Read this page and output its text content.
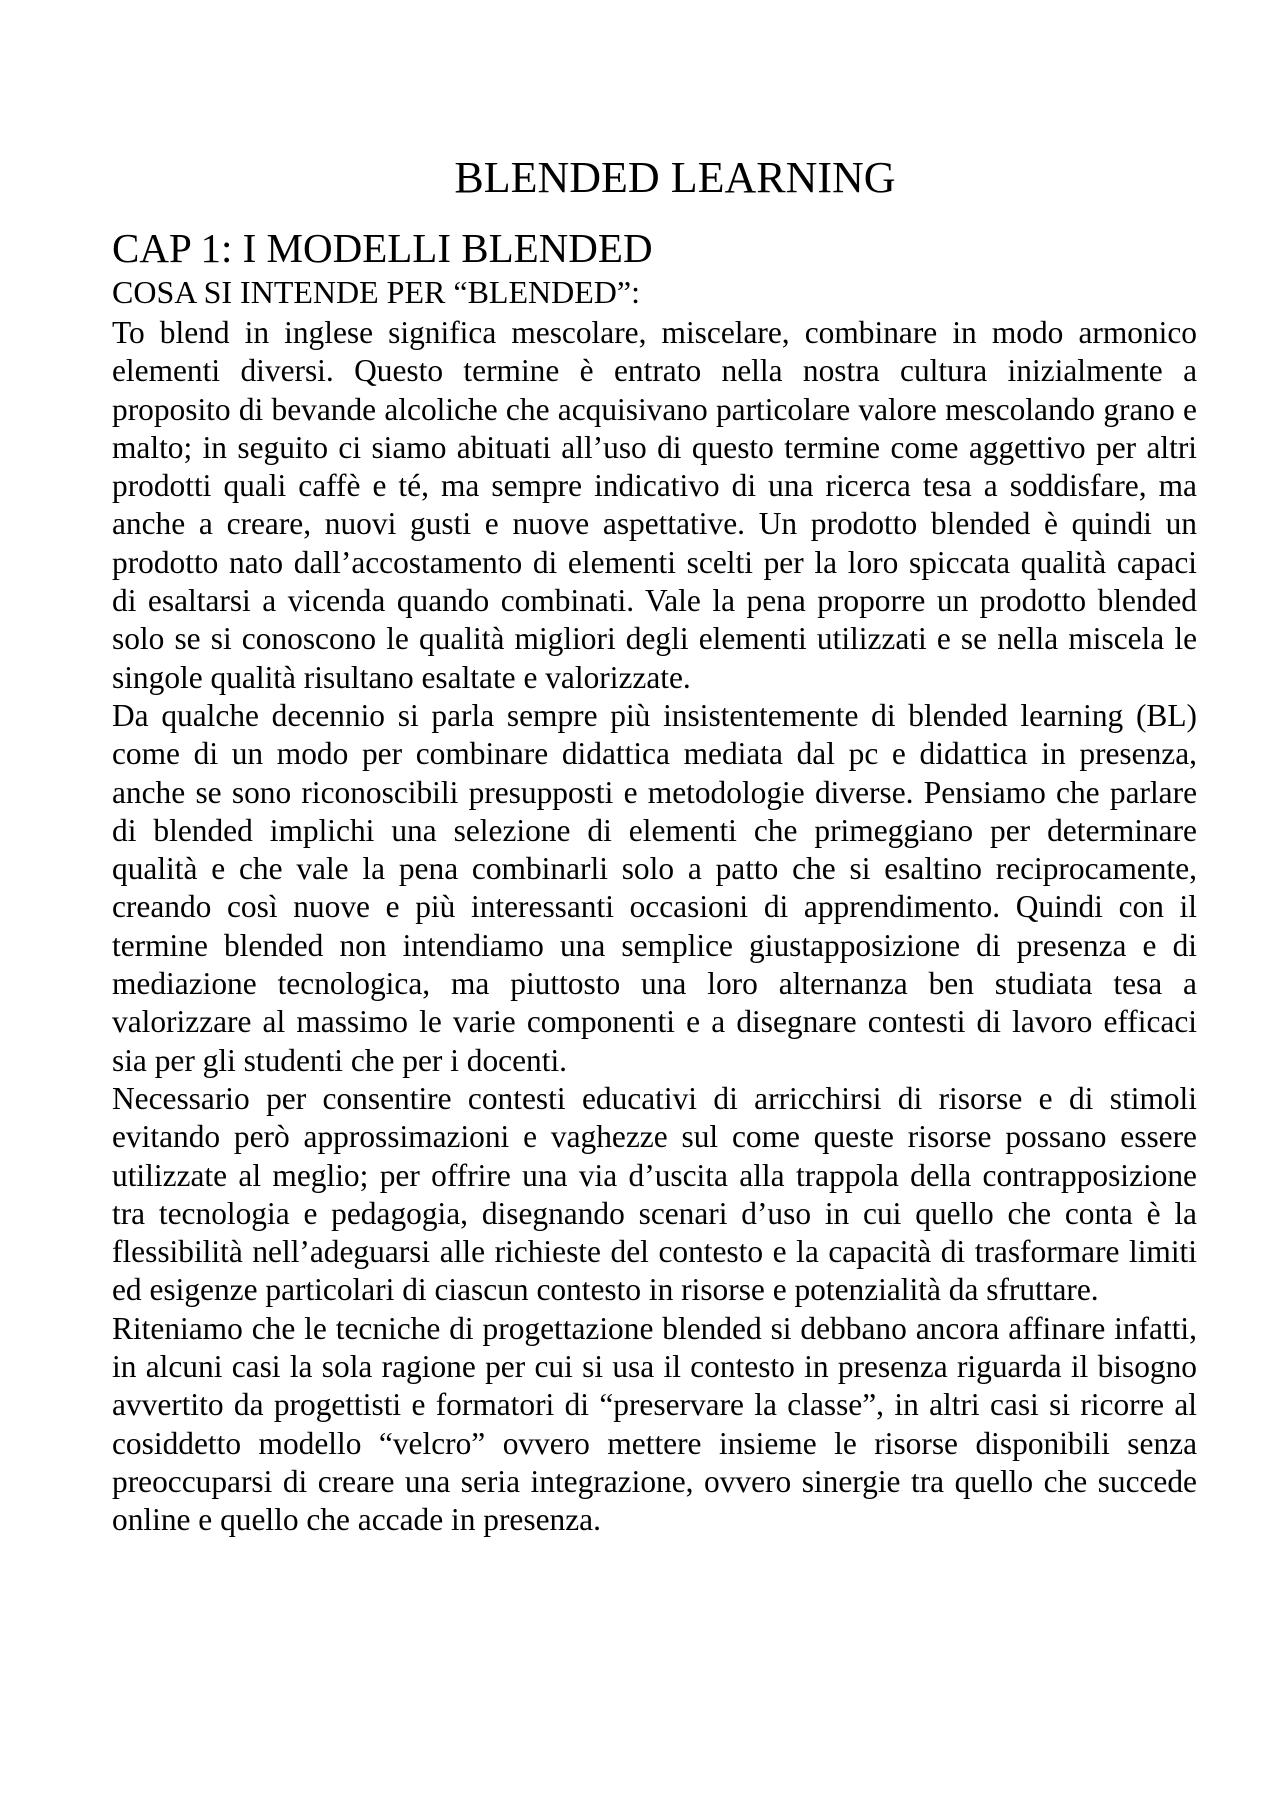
BLENDED LEARNING
CAP 1: I MODELLI BLENDED
COSA SI INTENDE PER “BLENDED”:

To blend in inglese significa mescolare, miscelare, combinare in modo armonico elementi diversi. Questo termine è entrato nella nostra cultura inizialmente a proposito di bevande alcoliche che acquisivano particolare valore mescolando grano e malto; in seguito ci siamo abituati all’uso di questo termine come aggettivo per altri prodotti quali caffè e té, ma sempre indicativo di una ricerca tesa a soddisfare, ma anche a creare, nuovi gusti e nuove aspettative. Un prodotto blended è quindi un prodotto nato dall’accostamento di elementi scelti per la loro spiccata qualità capaci di esaltarsi a vicenda quando combinati. Vale la pena proporre un prodotto blended solo se si conoscono le qualità migliori degli elementi utilizzati e se nella miscela le singole qualità risultano esaltate e valorizzate.

Da qualche decennio si parla sempre più insistentemente di blended learning (BL) come di un modo per combinare didattica mediata dal pc e didattica in presenza, anche se sono riconoscibili presupposti e metodologie diverse. Pensiamo che parlare di blended implichi una selezione di elementi che primeggiano per determinare qualità e che vale la pena combinarli solo a patto che si esaltino reciprocamente, creando così nuove e più interessanti occasioni di apprendimento. Quindi con il termine blended non intendiamo una semplice giustapposizione di presenza e di mediazione tecnologica, ma piuttosto una loro alternanza ben studiata tesa a valorizzare al massimo le varie componenti e a disegnare contesti di lavoro efficaci sia per gli studenti che per i docenti.

Necessario per consentire contesti educativi di arricchirsi di risorse e di stimoli evitando però approssimazioni e vaghezze sul come queste risorse possano essere utilizzate al meglio; per offrire una via d’uscita alla trappola della contrapposizione tra tecnologia e pedagogia, disegnando scenari d’uso in cui quello che conta è la flessibilità nell’adeguarsi alle richieste del contesto e la capacità di trasformare limiti ed esigenze particolari di ciascun contesto in risorse e potenzialità da sfruttare.

Riteniamo che le tecniche di progettazione blended si debbano ancora affinare infatti, in alcuni casi la sola ragione per cui si usa il contesto in presenza riguarda il bisogno avvertito da progettisti e formatori di “preservare la classe”, in altri casi si ricorre al cosiddetto modello “velcro” ovvero mettere insieme le risorse disponibili senza preoccuparsi di creare una seria integrazione, ovvero sinergie tra quello che succede online e quello che accade in presenza.
